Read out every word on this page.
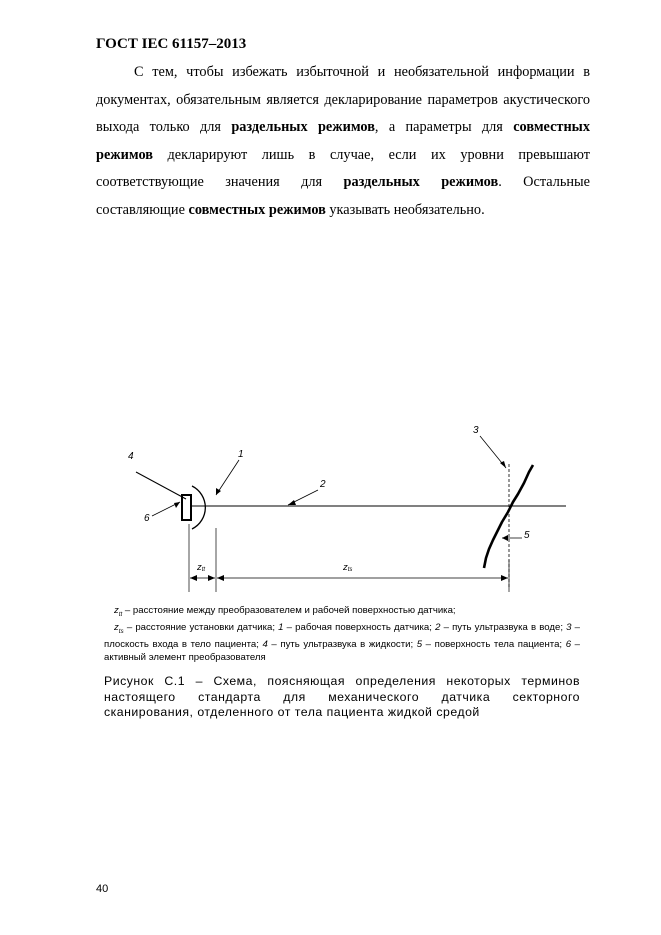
ГОСТ IEC 61157–2013

С тем, чтобы избежать избыточной и необязательной информации в документах, обязательным является декларирование параметров акустического выхода только для раздельных режимов, а параметры для совместных режимов декларируют лишь в случае, если их уровни превышают соответствующие значения для раздельных режимов. Остальные составляющие совместных режимов указывать необязательно.

1
2
3
4
5
6
ztt	zts

$z_{tt}$ – расстояние между преобразователем и рабочей поверхностью датчика;

$z_{ts}$ – расстояние установки датчика; 1 – рабочая поверхность датчика; 2 – путь ультразвука в воде; 3 – плоскость входа в тело пациента; 4 – путь ультразвука в жидкости; 5 – поверхность тела пациента; 6 – активный элемент преобразователя

Рисунок С.1 – Схема, поясняющая определения некоторых терминов настоящего стандарта для механического датчика секторного сканирования, отделенного от тела пациента жидкой средой
40
